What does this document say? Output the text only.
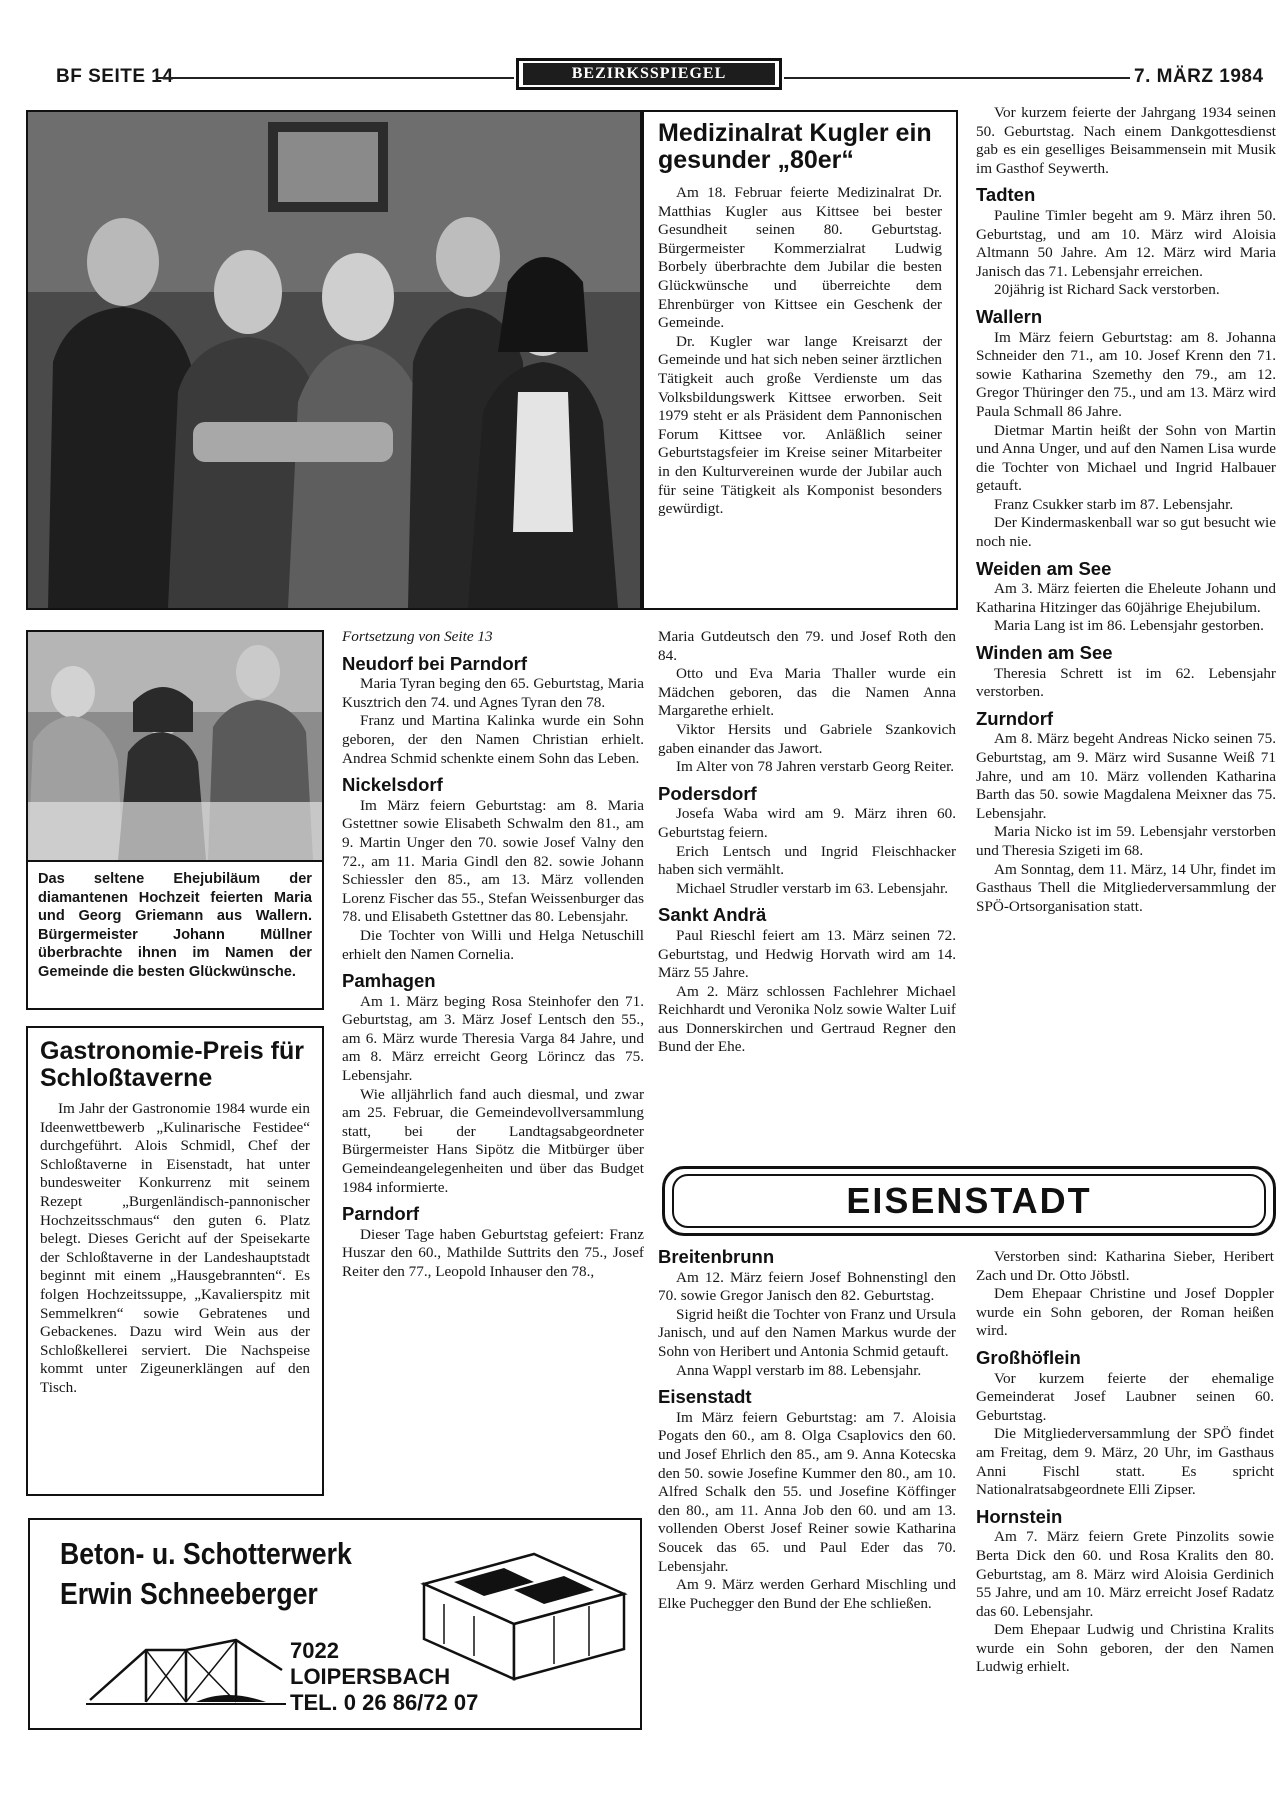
BF SEITE 14	BEZIRKSSPIEGEL	7. MÄRZ 1984
Medizinalrat Kugler ein gesunder „80er“

Am 18. Februar feierte Medizinalrat Dr. Matthias Kugler aus Kittsee bei bester Gesundheit seinen 80. Geburtstag. Bürgermeister Kommerzialrat Ludwig Borbely überbrachte dem Jubilar die besten Glückwünsche und überreichte dem Ehrenbürger von Kittsee ein Geschenk der Gemeinde.

Dr. Kugler war lange Kreisarzt der Gemeinde und hat sich neben seiner ärztlichen Tätigkeit auch große Verdienste um das Volksbildungswerk Kittsee erworben. Seit 1979 steht er als Präsident dem Pannonischen Forum Kittsee vor. Anläßlich seiner Geburtstagsfeier im Kreise seiner Mitarbeiter in den Kulturvereinen wurde der Jubilar auch für seine Tätigkeit als Komponist besonders gewürdigt.

Vor kurzem feierte der Jahrgang 1934 seinen 50. Geburtstag. Nach einem Dankgottesdienst gab es ein geselliges Beisammensein mit Musik im Gasthof Seywerth.

Tadten

Pauline Timler begeht am 9. März ihren 50. Geburtstag, und am 10. März wird Aloisia Altmann 50 Jahre. Am 12. März wird Maria Janisch das 71. Lebensjahr erreichen.

20jährig ist Richard Sack verstorben.

Wallern

Im März feiern Geburtstag: am 8. Johanna Schneider den 71., am 10. Josef Krenn den 71. sowie Katharina Szemethy den 79., am 12. Gregor Thüringer den 75., und am 13. März wird Paula Schmall 86 Jahre.

Dietmar Martin heißt der Sohn von Martin und Anna Unger, und auf den Namen Lisa wurde die Tochter von Michael und Ingrid Halbauer getauft.

Franz Csukker starb im 87. Lebensjahr.

Der Kindermaskenball war so gut besucht wie noch nie.

Weiden am See

Am 3. März feierten die Eheleute Johann und Katharina Hitzinger das 60jährige Ehejubilum.

Maria Lang ist im 86. Lebensjahr gestorben.

Winden am See

Theresia Schrett ist im 62. Lebensjahr verstorben.

Zurndorf

Am 8. März begeht Andreas Nicko seinen 75. Geburtstag, am 9. März wird Susanne Weiß 71 Jahre, und am 10. März vollenden Katharina Barth das 50. sowie Magdalena Meixner das 75. Lebensjahr.

Maria Nicko ist im 59. Lebensjahr verstorben und Theresia Szigeti im 68.

Am Sonntag, dem 11. März, 14 Uhr, findet im Gasthaus Thell die Mitgliederversammlung der SPÖ-Ortsorganisation statt.

Das seltene Ehejubiläum der diamantenen Hochzeit feierten Maria und Georg Griemann aus Wallern. Bürgermeister Johann Müllner überbrachte ihnen im Namen der Gemeinde die besten Glückwünsche.
Gastronomie-Preis für Schloßtaverne

Im Jahr der Gastronomie 1984 wurde ein Ideenwettbewerb „Kulinarische Festidee“ durchgeführt. Alois Schmidl, Chef der Schloßtaverne in Eisenstadt, hat unter bundesweiter Konkurrenz mit seinem Rezept „Burgenländisch-pannonischer Hochzeitsschmaus“ den guten 6. Platz belegt. Dieses Gericht auf der Speisekarte der Schloßtaverne in der Landeshauptstadt beginnt mit einem „Hausgebrannten“. Es folgen Hochzeitssuppe, „Kavalierspitz mit Semmelkren“ sowie Gebratenes und Gebackenes. Dazu wird Wein aus der Schloßkellerei serviert. Die Nachspeise kommt unter Zigeunerklängen auf den Tisch.

Fortsetzung von Seite 13

Neudorf bei Parndorf

Maria Tyran beging den 65. Geburtstag, Maria Kusztrich den 74. und Agnes Tyran den 78.

Franz und Martina Kalinka wurde ein Sohn geboren, der den Namen Christian erhielt. Andrea Schmid schenkte einem Sohn das Leben.

Nickelsdorf

Im März feiern Geburtstag: am 8. Maria Gstettner sowie Elisabeth Schwalm den 81., am 9. Martin Unger den 70. sowie Josef Valny den 72., am 11. Maria Gindl den 82. sowie Johann Schiessler den 85., am 13. März vollenden Lorenz Fischer das 55., Stefan Weissenburger das 78. und Elisabeth Gstettner das 80. Lebensjahr.

Die Tochter von Willi und Helga Netuschill erhielt den Namen Cornelia.

Pamhagen

Am 1. März beging Rosa Steinhofer den 71. Geburtstag, am 3. März Josef Lentsch den 55., am 6. März wurde Theresia Varga 84 Jahre, und am 8. März erreicht Georg Lörincz das 75. Lebensjahr.

Wie alljährlich fand auch diesmal, und zwar am 25. Februar, die Gemeindevollversammlung statt, bei der Landtagsabgeordneter Bürgermeister Hans Sipötz die Mitbürger über Gemeindeangelegenheiten und über das Budget 1984 informierte.

Parndorf

Dieser Tage haben Geburtstag gefeiert: Franz Huszar den 60., Mathilde Suttrits den 75., Josef Reiter den 77., Leopold Inhauser den 78.,

Maria Gutdeutsch den 79. und Josef Roth den 84.

Otto und Eva Maria Thaller wurde ein Mädchen geboren, das die Namen Anna Margarethe erhielt.

Viktor Hersits und Gabriele Szankovich gaben einander das Jawort.

Im Alter von 78 Jahren verstarb Georg Reiter.

Podersdorf

Josefa Waba wird am 9. März ihren 60. Geburtstag feiern.

Erich Lentsch und Ingrid Fleischhacker haben sich vermählt.

Michael Strudler verstarb im 63. Lebensjahr.

Sankt Andrä

Paul Rieschl feiert am 13. März seinen 72. Geburtstag, und Hedwig Horvath wird am 14. März 55 Jahre.

Am 2. März schlossen Fachlehrer Michael Reichhardt und Veronika Nolz sowie Walter Luif aus Donnerskirchen und Gertraud Regner den Bund der Ehe.

EISENSTADT
Breitenbrunn

Am 12. März feiern Josef Bohnenstingl den 70. sowie Gregor Janisch den 82. Geburtstag.

Sigrid heißt die Tochter von Franz und Ursula Janisch, und auf den Namen Markus wurde der Sohn von Heribert und Antonia Schmid getauft.

Anna Wappl verstarb im 88. Lebensjahr.

Eisenstadt

Im März feiern Geburtstag: am 7. Aloisia Pogats den 60., am 8. Olga Csaplovics den 60. und Josef Ehrlich den 85., am 9. Anna Kotecska den 50. sowie Josefine Kummer den 80., am 10. Alfred Schalk den 55. und Josefine Köffinger den 80., am 11. Anna Job den 60. und am 13. vollenden Oberst Josef Reiner sowie Katharina Soucek das 65. und Paul Eder das 70. Lebensjahr.

Am 9. März werden Gerhard Mischling und Elke Puchegger den Bund der Ehe schließen.

Verstorben sind: Katharina Sieber, Heribert Zach und Dr. Otto Jöbstl.

Dem Ehepaar Christine und Josef Doppler wurde ein Sohn geboren, der Roman heißen wird.

Großhöflein

Vor kurzem feierte der ehemalige Gemeinderat Josef Laubner seinen 60. Geburtstag.

Die Mitgliederversammlung der SPÖ findet am Freitag, dem 9. März, 20 Uhr, im Gasthaus Anni Fischl statt. Es spricht Nationalratsabgeordnete Elli Zipser.

Hornstein

Am 7. März feiern Grete Pinzolits sowie Berta Dick den 60. und Rosa Kralits den 80. Geburtstag, am 8. März wird Aloisia Gerdinich 55 Jahre, und am 10. März erreicht Josef Radatz das 60. Lebensjahr.

Dem Ehepaar Ludwig und Christina Kralits wurde ein Sohn geboren, der den Namen Ludwig erhielt.

Beton- u. Schotterwerk
Erwin Schneeberger
7022
LOIPERSBACH
TEL. 0 26 86/72 07
